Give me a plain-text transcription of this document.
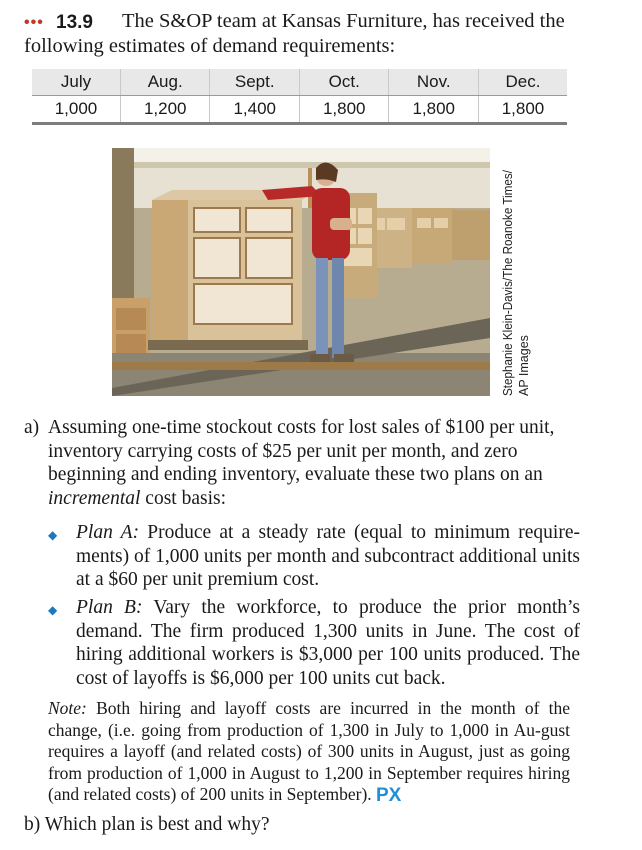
••• 13.9 The S&OP team at Kansas Furniture, has received the
following estimates of demand requirements:
July	Aug.	Sept.	Oct.	Nov.	Dec.
1,000	1,200	1,400	1,800	1,800	1,800
Stephanie Klein-Davis/The Roanoke Times/ AP Images
a) Assuming one-time stockout costs for lost sales of $100 per unit, inventory carrying costs of $25 per unit per month, and zero beginning and ending inventory, evaluate these two plans on an incremental cost basis:
◆ Plan A: Produce at a steady rate (equal to minimum require-ments) of 1,000 units per month and subcontract additional units at a $60 per unit premium cost.
◆ Plan B: Vary the workforce, to produce the prior month’s demand. The firm produced 1,300 units in June. The cost of hiring additional workers is $3,000 per 100 units produced. The cost of layoffs is $6,000 per 100 units cut back.
Note: Both hiring and layoff costs are incurred in the month of the change, (i.e. going from production of 1,300 in July to 1,000 in Au-gust requires a layoff (and related costs) of 300 units in August, just as going from production of 1,000 in August to 1,200 in September requires hiring (and related costs) of 200 units in September). PX
b) Which plan is best and why?
